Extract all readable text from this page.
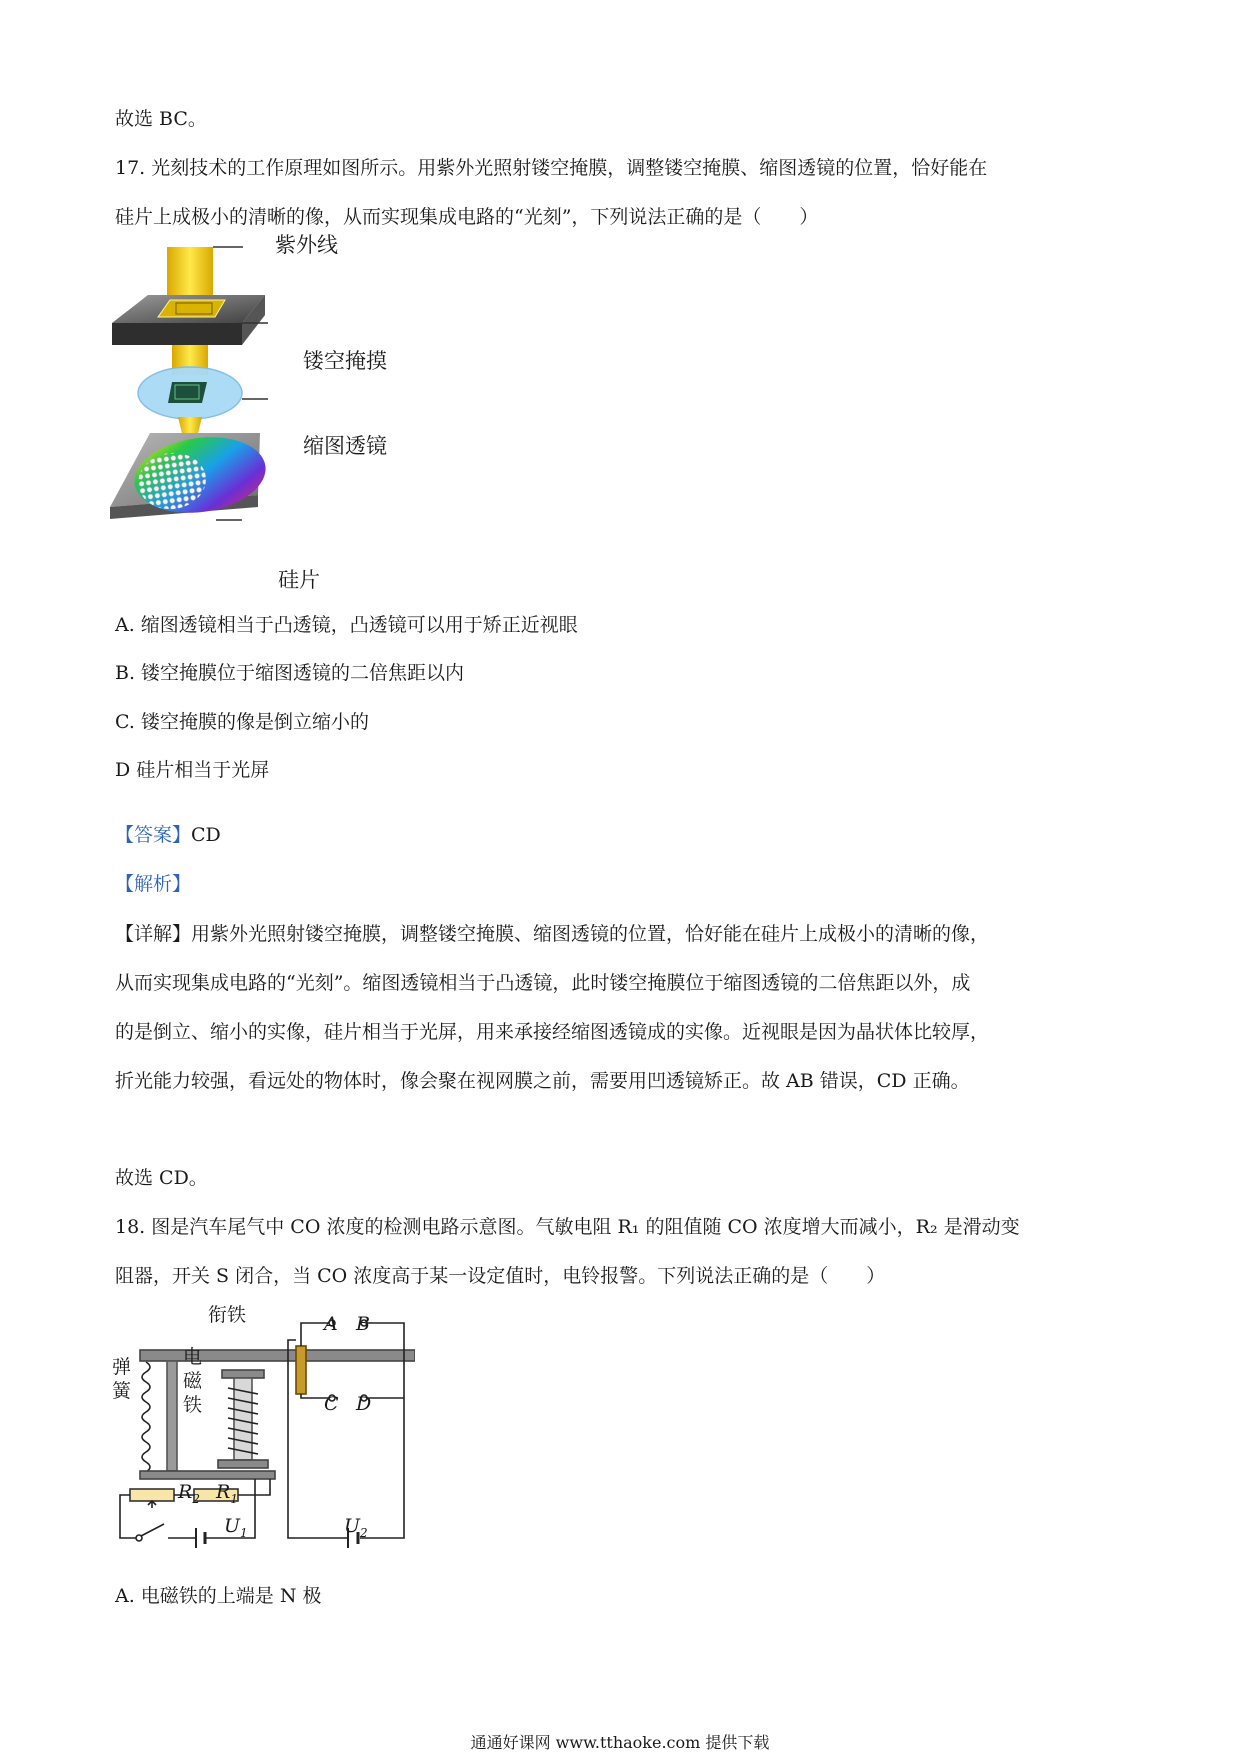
故选 BC。
17. 光刻技术的工作原理如图所示。用紫外光照射镂空掩膜，调整镂空掩膜、缩图透镜的位置，恰好能在
硅片上成极小的清晰的像，从而实现集成电路的“光刻”，下列说法正确的是（　　）
紫外线
镂空掩摸
缩图透镜
硅片
A. 缩图透镜相当于凸透镜，凸透镜可以用于矫正近视眼
B. 镂空掩膜位于缩图透镜的二倍焦距以内
C. 镂空掩膜的像是倒立缩小的
D 硅片相当于光屏
【答案】CD
【解析】
【详解】用紫外光照射镂空掩膜，调整镂空掩膜、缩图透镜的位置，恰好能在硅片上成极小的清晰的像，
从而实现集成电路的“光刻”。缩图透镜相当于凸透镜，此时镂空掩膜位于缩图透镜的二倍焦距以外，成
的是倒立、缩小的实像，硅片相当于光屏，用来承接经缩图透镜成的实像。近视眼是因为晶状体比较厚，
折光能力较强，看远处的物体时，像会聚在视网膜之前，需要用凹透镜矫正。故 AB 错误，CD 正确。
故选 CD。
18. 图是汽车尾气中 CO 浓度的检测电路示意图。气敏电阻 R₁ 的阻值随 CO 浓度增大而减小，R₂ 是滑动变
阻器，开关 S 闭合，当 CO 浓度高于某一设定值时，电铃报警。下列说法正确的是（　　）
衔铁
弹
簧
电
磁
铁
A B
C D
$R_2$ $R_1$
$U_1$	$U_2$
A. 电磁铁的上端是 N 极
通通好课网 www.tthaoke.com 提供下载
